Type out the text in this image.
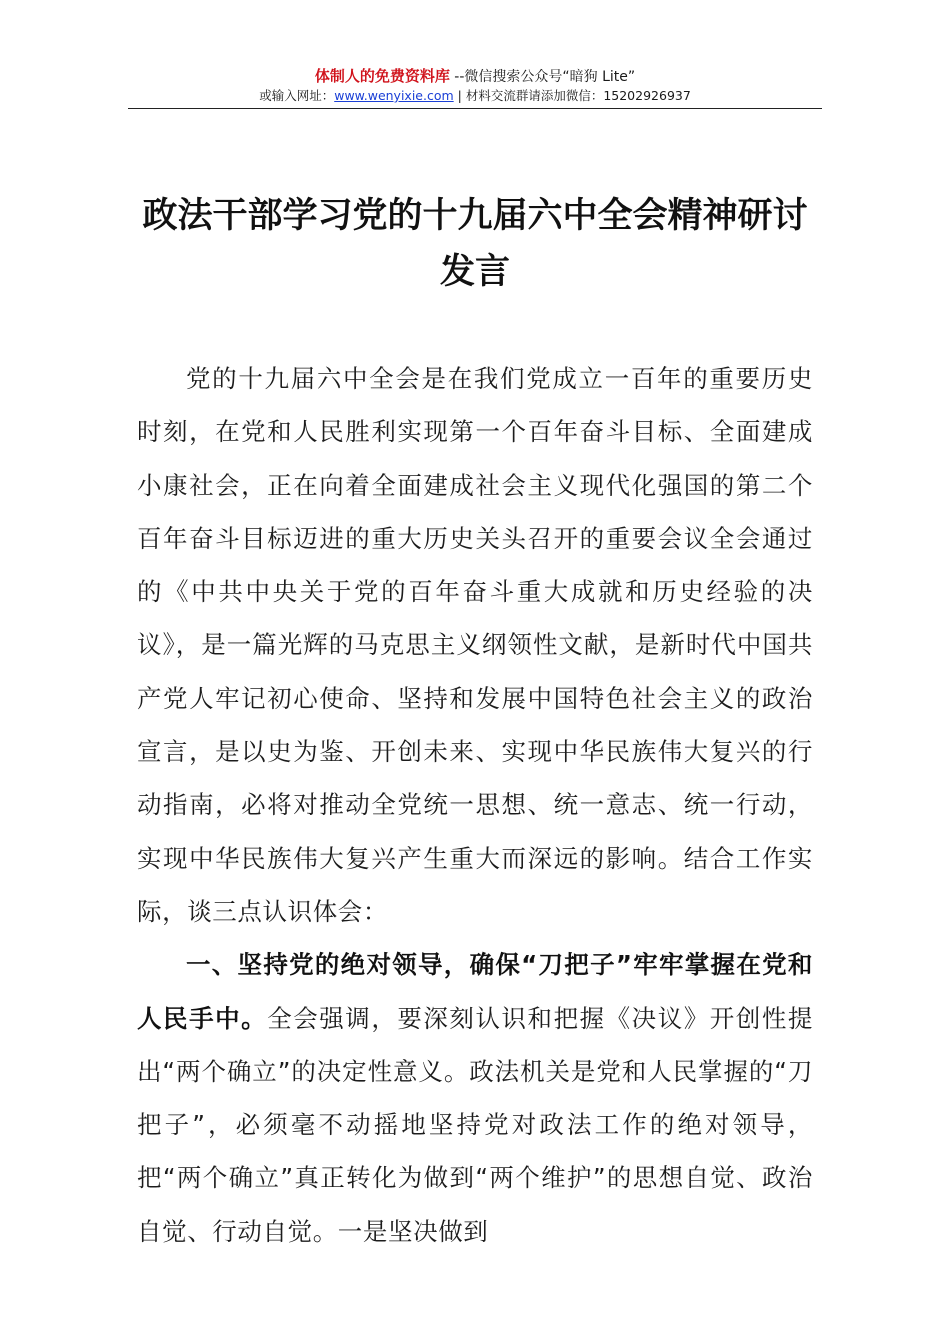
体制人的免费资料库 --微信搜索公众号“暗狗 Lite”
或输入网址：www.wenyixie.com | 材料交流群请添加微信：15202926937
政法干部学习党的十九届六中全会精神研讨
发言

党的十九届六中全会是在我们党成立一百年的重要历史时刻，在党和人民胜利实现第一个百年奋斗目标、全面建成小康社会，正在向着全面建成社会主义现代化强国的第二个百年奋斗目标迈进的重大历史关头召开的重要会议全会通过的《中共中央关于党的百年奋斗重大成就和历史经验的决议》，是一篇光辉的马克思主义纲领性文献，是新时代中国共产党人牢记初心使命、坚持和发展中国特色社会主义的政治宣言，是以史为鉴、开创未来、实现中华民族伟大复兴的行动指南，必将对推动全党统一思想、统一意志、统一行动，实现中华民族伟大复兴产生重大而深远的影响。结合工作实际，谈三点认识体会：

一、坚持党的绝对领导，确保“刀把子”牢牢掌握在党和人民手中。全会强调，要深刻认识和把握《决议》开创性提出“两个确立”的决定性意义。政法机关是党和人民掌握的“刀把子”，必须毫不动摇地坚持党对政法工作的绝对领导，把“两个确立”真正转化为做到“两个维护”的思想自觉、政治自觉、行动自觉。一是坚决做到
